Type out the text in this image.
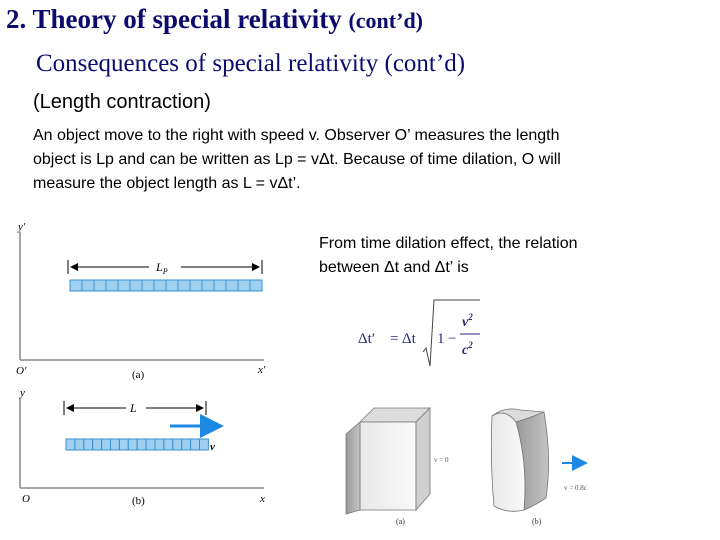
2. Theory of special relativity (cont’d)
Consequences of special relativity (cont’d)
(Length contraction)
An object move to the right with speed v. Observer O’ measures the length
object is Lp and can be written as Lp = vΔt. Because of time dilation, O will
measure the object length as L = vΔt’.
From time dilation effect, the relation
between Δt and Δt’ is
y′
O′	x′
$L_P$
(a)
y
O	x
L
v
(b)
Δt′ = Δt 1 −
$v^2$
$c^2$
v = 0
(a)
v = 0.8c
(b)
